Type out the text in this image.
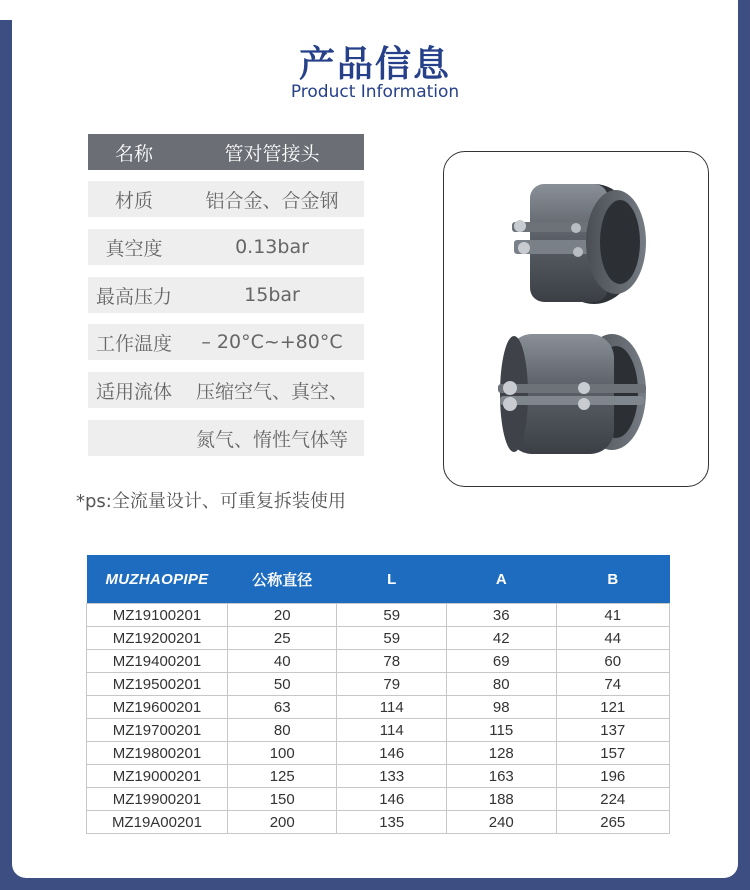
产品信息
Product Information
名称	管对管接头
材质	铝合金、合金钢
真空度	0.13bar
最高压力	15bar
工作温度	– 20°C~+80°C
适用流体	压缩空气、真空、
氮气、惰性气体等
*ps:全流量设计、可重复拆装使用
MUZHAOPIPE	公称直径	L	A	B
MZ19100201	20	59	36	41
MZ19200201	25	59	42	44
MZ19400201	40	78	69	60
MZ19500201	50	79	80	74
MZ19600201	63	114	98	121
MZ19700201	80	114	115	137
MZ19800201	100	146	128	157
MZ19000201	125	133	163	196
MZ19900201	150	146	188	224
MZ19A00201	200	135	240	265
